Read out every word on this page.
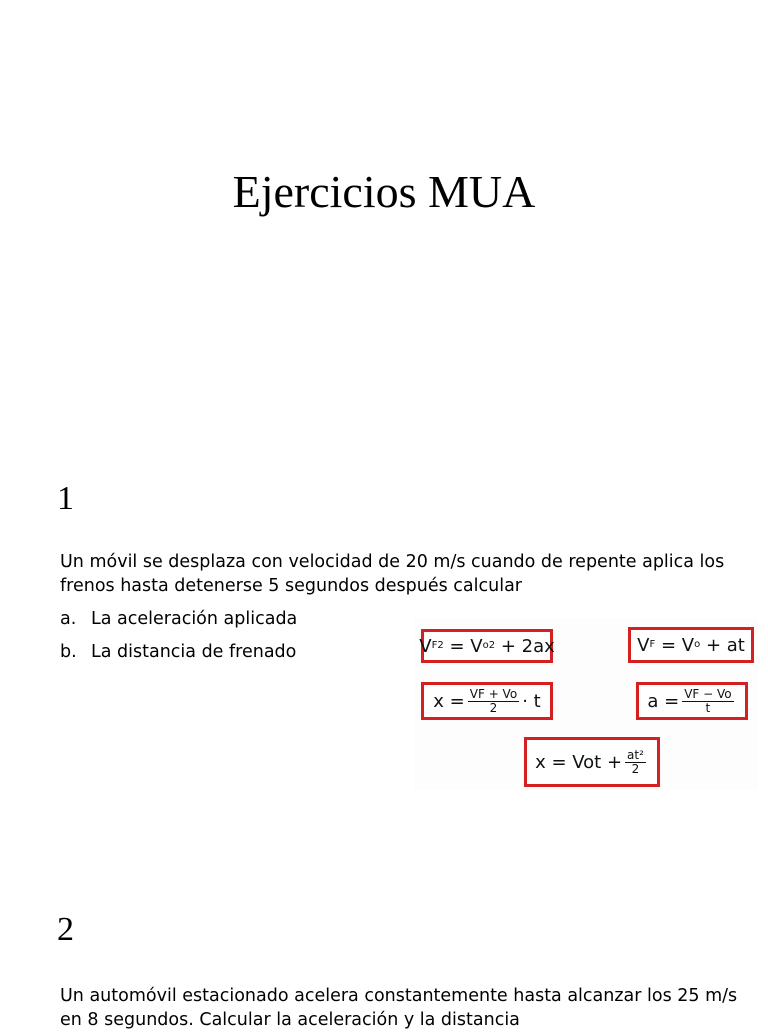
Ejercicios MUA
1

Un móvil se desplaza con velocidad de 20 m/s cuando de repente aplica los frenos hasta detenerse 5 segundos después calcular

a. La aceleración aplicada
b. La distancia de frenado	V F 2
=
V o 2
+ 2ax	V F
= V o
+ at
$x = \frac{VF + Vo}{2} \cdot t$	$a = \frac{VF - Vo}{t}$
x = Vot + $\frac{\text{at²}}{2}$
2

Un automóvil estacionado acelera constantemente hasta alcanzar los 25 m/s en 8 segundos. Calcular la aceleración y la distancia
